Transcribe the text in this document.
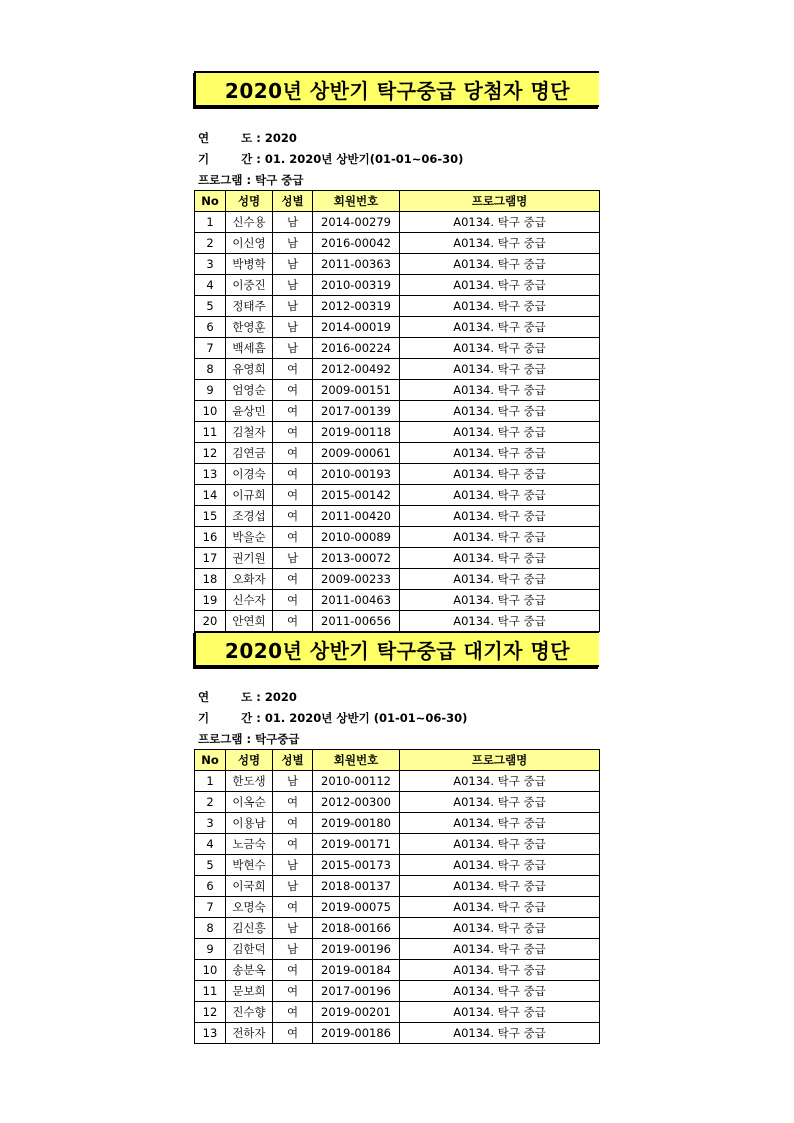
2020년 상반기 탁구중급 당첨자 명단
연        도 : 2020
기        간 : 01. 2020년 상반기(01-01~06-30)
프로그램 : 탁구 중급
No	성명	성별	회원번호	프로그램명
1	신수용	남	2014-00279	A0134. 탁구 중급
2	이신영	남	2016-00042	A0134. 탁구 중급
3	박병학	남	2011-00363	A0134. 탁구 중급
4	이중진	남	2010-00319	A0134. 탁구 중급
5	정태주	남	2012-00319	A0134. 탁구 중급
6	한영훈	남	2014-00019	A0134. 탁구 중급
7	백세흠	남	2016-00224	A0134. 탁구 중급
8	유영희	여	2012-00492	A0134. 탁구 중급
9	엄영순	여	2009-00151	A0134. 탁구 중급
10	윤상민	여	2017-00139	A0134. 탁구 중급
11	김철자	여	2019-00118	A0134. 탁구 중급
12	김연금	여	2009-00061	A0134. 탁구 중급
13	이경숙	여	2010-00193	A0134. 탁구 중급
14	이규희	여	2015-00142	A0134. 탁구 중급
15	조경섭	여	2011-00420	A0134. 탁구 중급
16	박을순	여	2010-00089	A0134. 탁구 중급
17	권기원	남	2013-00072	A0134. 탁구 중급
18	오화자	여	2009-00233	A0134. 탁구 중급
19	신수자	여	2011-00463	A0134. 탁구 중급
20	안연희	여	2011-00656	A0134. 탁구 중급
2020년 상반기 탁구중급 대기자 명단
연        도 : 2020
기        간 : 01. 2020년 상반기 (01-01~06-30)
프로그램 : 탁구중급
No	성명	성별	회원번호	프로그램명
1	한도생	남	2010-00112	A0134. 탁구 중급
2	이옥순	여	2012-00300	A0134. 탁구 중급
3	이용남	여	2019-00180	A0134. 탁구 중급
4	노금숙	여	2019-00171	A0134. 탁구 중급
5	박현수	남	2015-00173	A0134. 탁구 중급
6	이국희	남	2018-00137	A0134. 탁구 중급
7	오명숙	여	2019-00075	A0134. 탁구 중급
8	김신흥	남	2018-00166	A0134. 탁구 중급
9	김한덕	남	2019-00196	A0134. 탁구 중급
10	송분옥	여	2019-00184	A0134. 탁구 중급
11	문보희	여	2017-00196	A0134. 탁구 중급
12	진수향	여	2019-00201	A0134. 탁구 중급
13	전하자	여	2019-00186	A0134. 탁구 중급
